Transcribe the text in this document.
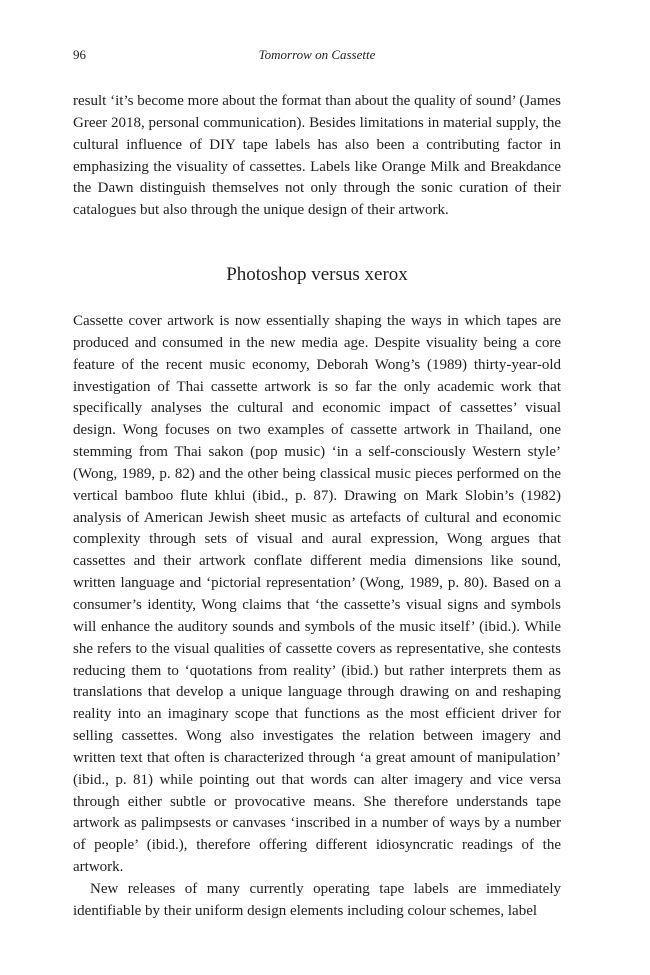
96	Tomorrow on Cassette

result ‘it’s become more about the format than about the quality of sound’ (James Greer 2018, personal communication). Besides limitations in material supply, the cultural influence of DIY tape labels has also been a contributing factor in emphasizing the visuality of cassettes. Labels like Orange Milk and Breakdance the Dawn distinguish themselves not only through the sonic curation of their catalogues but also through the unique design of their artwork.

Photoshop versus xerox

Cassette cover artwork is now essentially shaping the ways in which tapes are produced and consumed in the new media age. Despite visuality being a core feature of the recent music economy, Deborah Wong’s (1989) thirty-year-old investigation of Thai cassette artwork is so far the only academic work that specifically analyses the cultural and economic impact of cassettes’ visual design. Wong focuses on two examples of cassette artwork in Thailand, one stemming from Thai sakon (pop music) ‘in a self-consciously Western style’ (Wong, 1989, p. 82) and the other being classical music pieces performed on the vertical bamboo flute khlui (ibid., p. 87). Drawing on Mark Slobin’s (1982) analysis of American Jewish sheet music as artefacts of cultural and economic complexity through sets of visual and aural expression, Wong argues that cassettes and their artwork conflate different media dimensions like sound, written language and ‘pictorial representation’ (Wong, 1989, p. 80). Based on a consumer’s identity, Wong claims that ‘the cassette’s visual signs and symbols will enhance the auditory sounds and symbols of the music itself’ (ibid.). While she refers to the visual qualities of cassette covers as representative, she contests reducing them to ‘quotations from reality’ (ibid.) but rather interprets them as translations that develop a unique language through drawing on and reshaping reality into an imaginary scope that functions as the most efficient driver for selling cassettes. Wong also investigates the relation between imagery and written text that often is characterized through ‘a great amount of manipulation’ (ibid., p. 81) while pointing out that words can alter imagery and vice versa through either subtle or provocative means. She therefore understands tape artwork as palimpsests or canvases ‘inscribed in a number of ways by a number of people’ (ibid.), therefore offering different idiosyncratic readings of the artwork.

New releases of many currently operating tape labels are immediately identifiable by their uniform design elements including colour schemes, label
